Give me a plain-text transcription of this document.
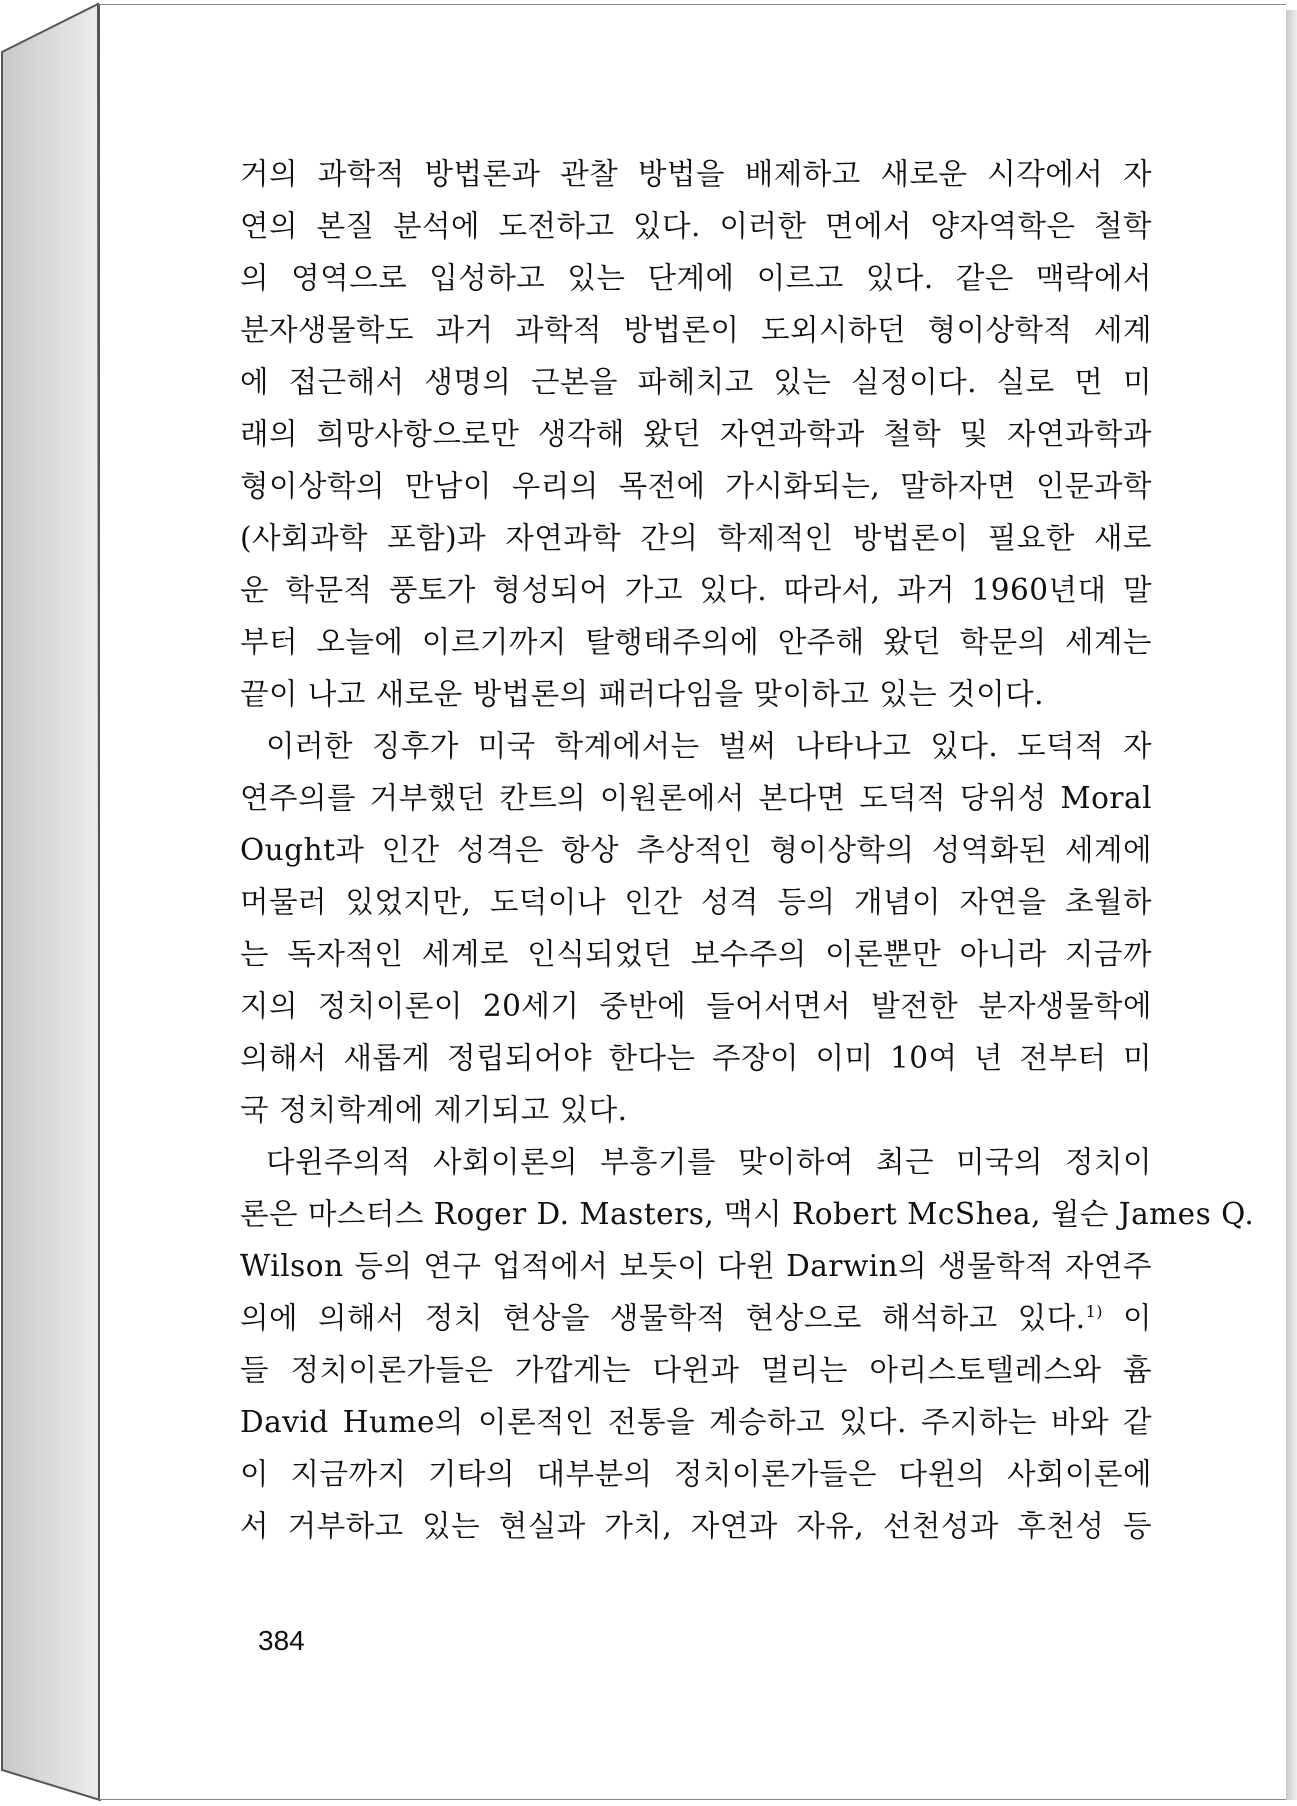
거의 과학적 방법론과 관찰 방법을 배제하고 새로운 시각에서 자
연의 본질 분석에 도전하고 있다. 이러한 면에서 양자역학은 철학
의 영역으로 입성하고 있는 단계에 이르고 있다. 같은 맥락에서
분자생물학도 과거 과학적 방법론이 도외시하던 형이상학적 세계
에 접근해서 생명의 근본을 파헤치고 있는 실정이다. 실로 먼 미
래의 희망사항으로만 생각해 왔던 자연과학과 철학 및 자연과학과
형이상학의 만남이 우리의 목전에 가시화되는, 말하자면 인문과학
(사회과학 포함)과 자연과학 간의 학제적인 방법론이 필요한 새로
운 학문적 풍토가 형성되어 가고 있다. 따라서, 과거 1960년대 말
부터 오늘에 이르기까지 탈행태주의에 안주해 왔던 학문의 세계는
끝이 나고 새로운 방법론의 패러다임을 맞이하고 있는 것이다.
이러한 징후가 미국 학계에서는 벌써 나타나고 있다. 도덕적 자
연주의를 거부했던 칸트의 이원론에서 본다면 도덕적 당위성 Moral
Ought과 인간 성격은 항상 추상적인 형이상학의 성역화된 세계에
머물러 있었지만, 도덕이나 인간 성격 등의 개념이 자연을 초월하
는 독자적인 세계로 인식되었던 보수주의 이론뿐만 아니라 지금까
지의 정치이론이 20세기 중반에 들어서면서 발전한 분자생물학에
의해서 새롭게 정립되어야 한다는 주장이 이미 10여 년 전부터 미
국 정치학계에 제기되고 있다.
다윈주의적 사회이론의 부흥기를 맞이하여 최근 미국의 정치이
론은 마스터스 Roger D. Masters, 맥시 Robert McShea, 윌슨 James Q.
Wilson 등의 연구 업적에서 보듯이 다윈 Darwin의 생물학적 자연주
의에 의해서 정치 현상을 생물학적 현상으로 해석하고 있다.$^{1)}$ 이
들 정치이론가들은 가깝게는 다윈과 멀리는 아리스토텔레스와 흄
David Hume의 이론적인 전통을 계승하고 있다. 주지하는 바와 같
이 지금까지 기타의 대부분의 정치이론가들은 다윈의 사회이론에
서 거부하고 있는 현실과 가치, 자연과 자유, 선천성과 후천성 등
384
